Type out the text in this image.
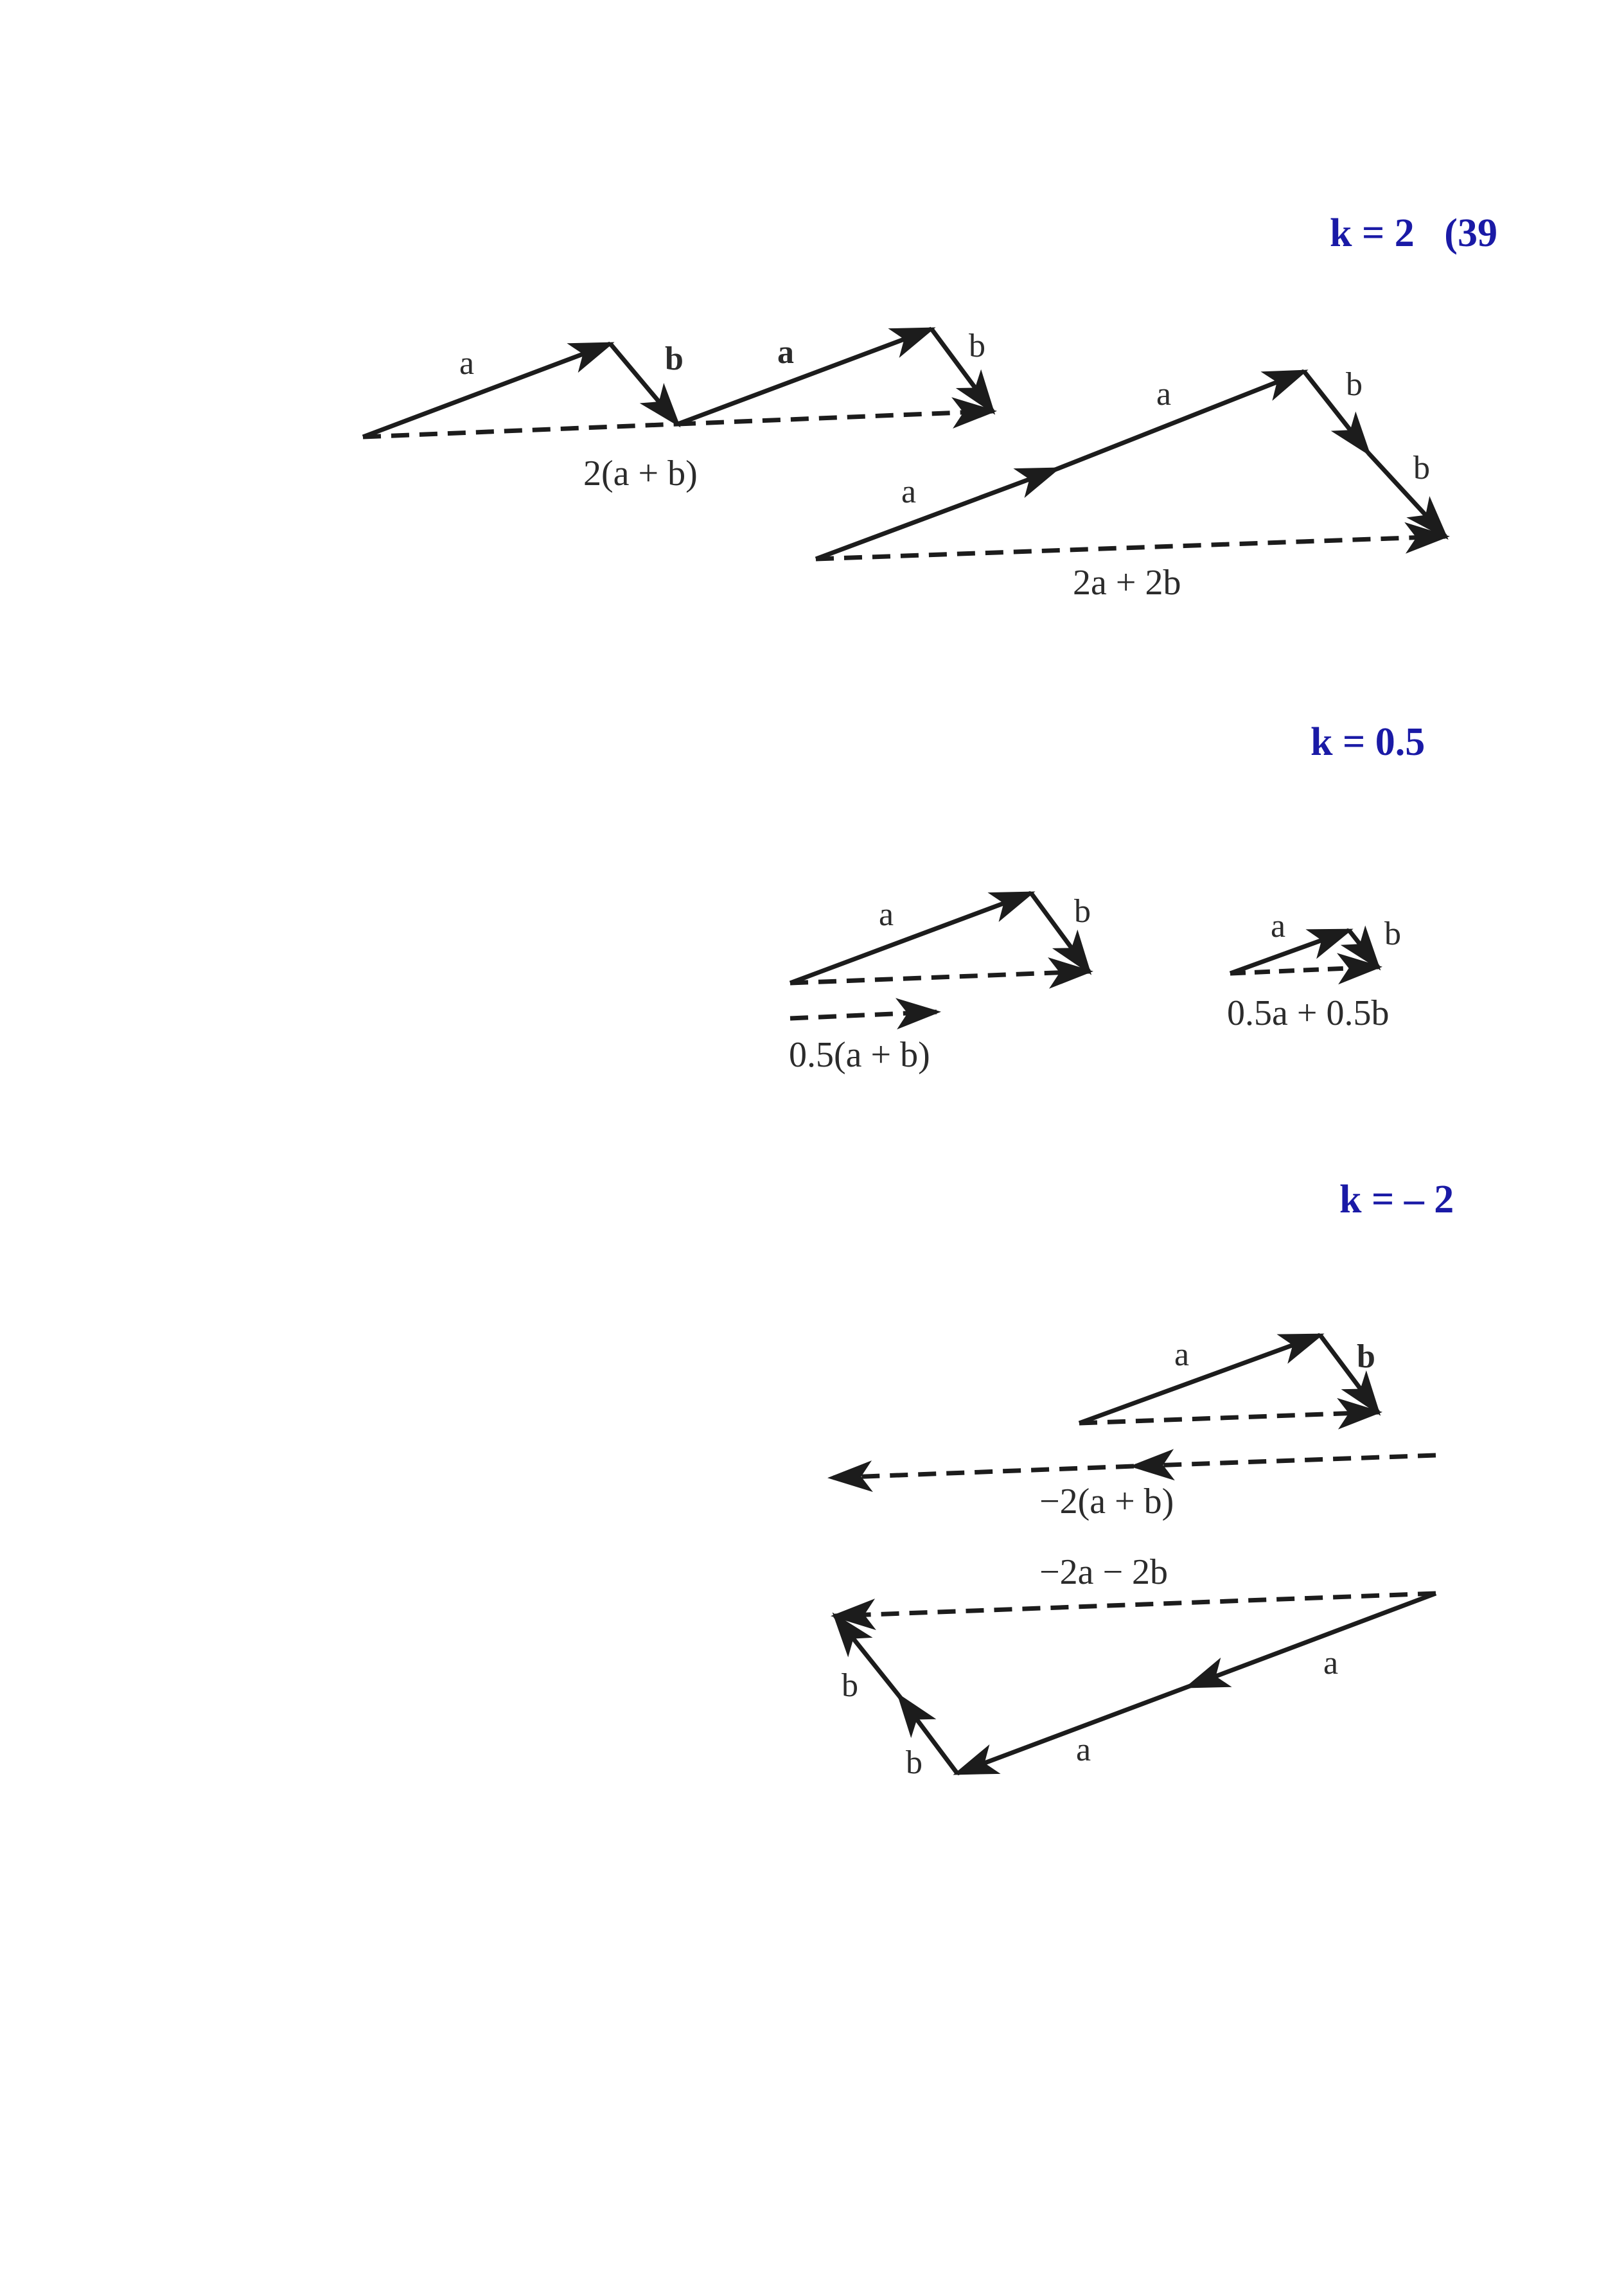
k = 2   (39
k = 0.5
k = – 2
a	b	a	b
2(a + b)	a
a	b
b
2a + 2b
a	b
0.5(a + b)
a	b
0.5a + 0.5b
a	b
−2(a + b)
−2a − 2b
a
a
b
b
